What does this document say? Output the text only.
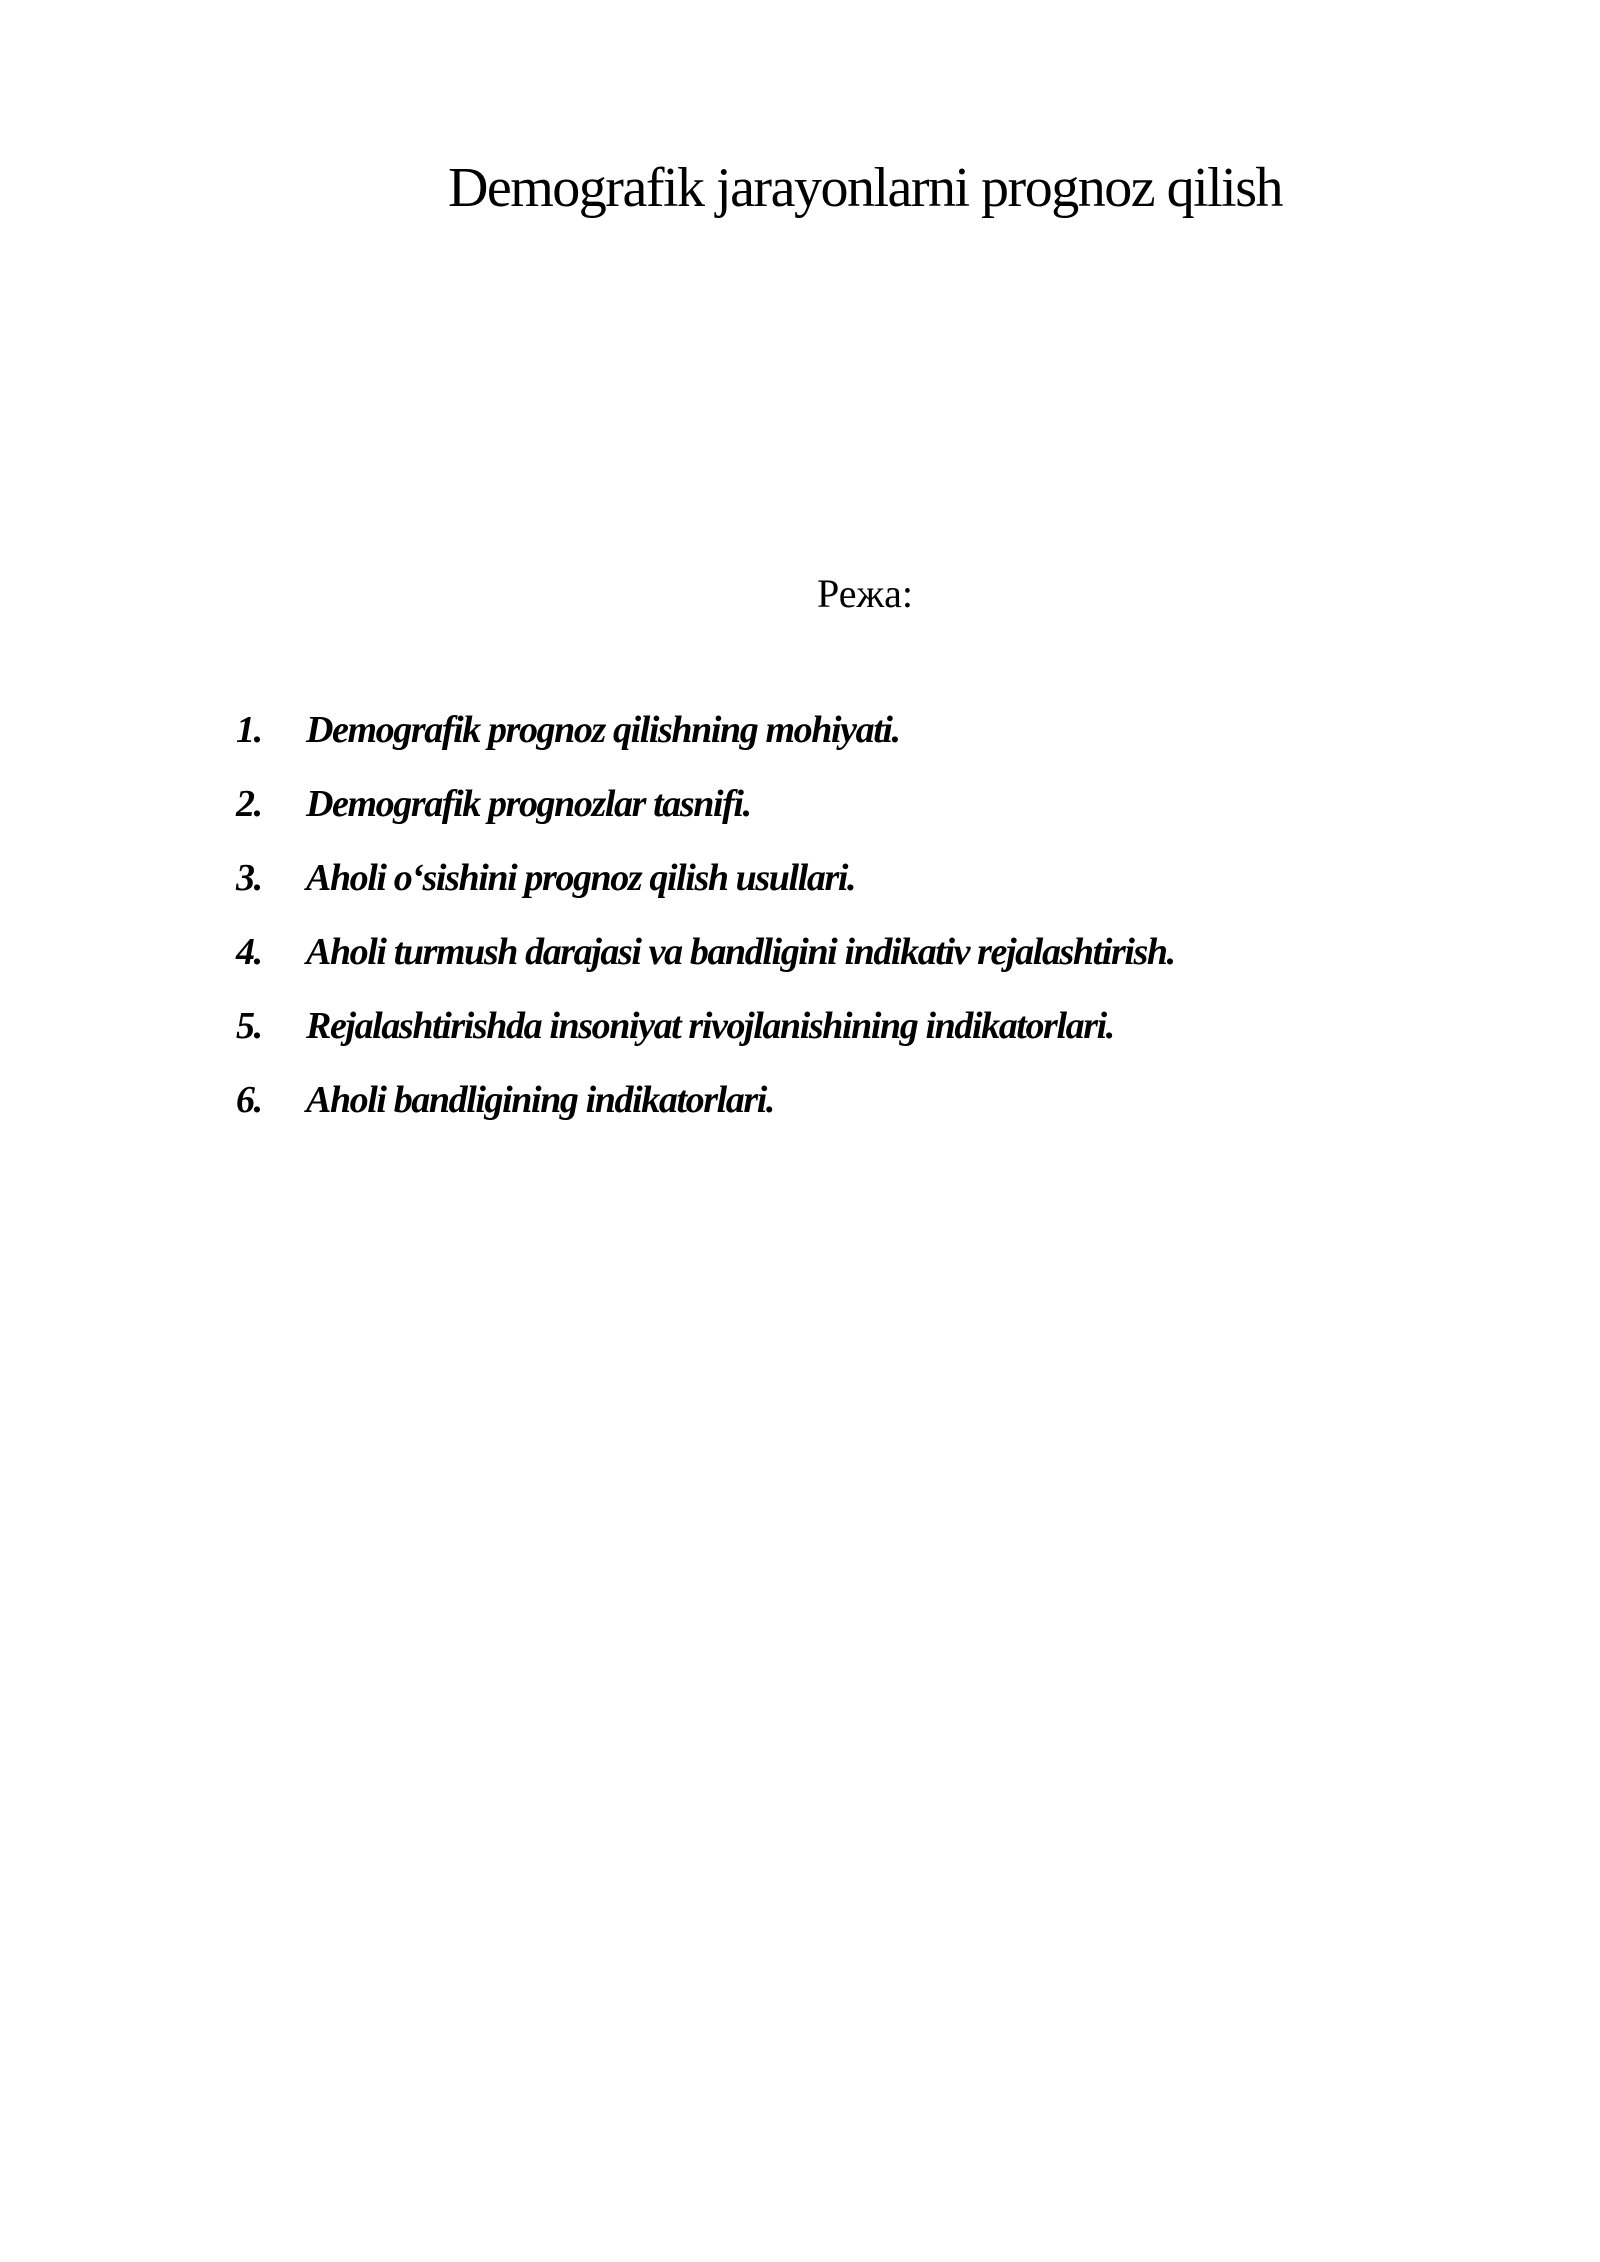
Demografik jarayonlarni prognoz qilish
Режа:
1.	Demografik prognoz qilishning mohiyati.
2.	Demografik prognozlar tasnifi.
3.	Aholi o‘sishini prognoz qilish usullari.
4.	Aholi turmush darajasi va bandligini indikativ rejalashtirish.
5.	Rejalashtirishda insoniyat rivojlanishining indikatorlari.
6.	Aholi bandligining indikatorlari.
